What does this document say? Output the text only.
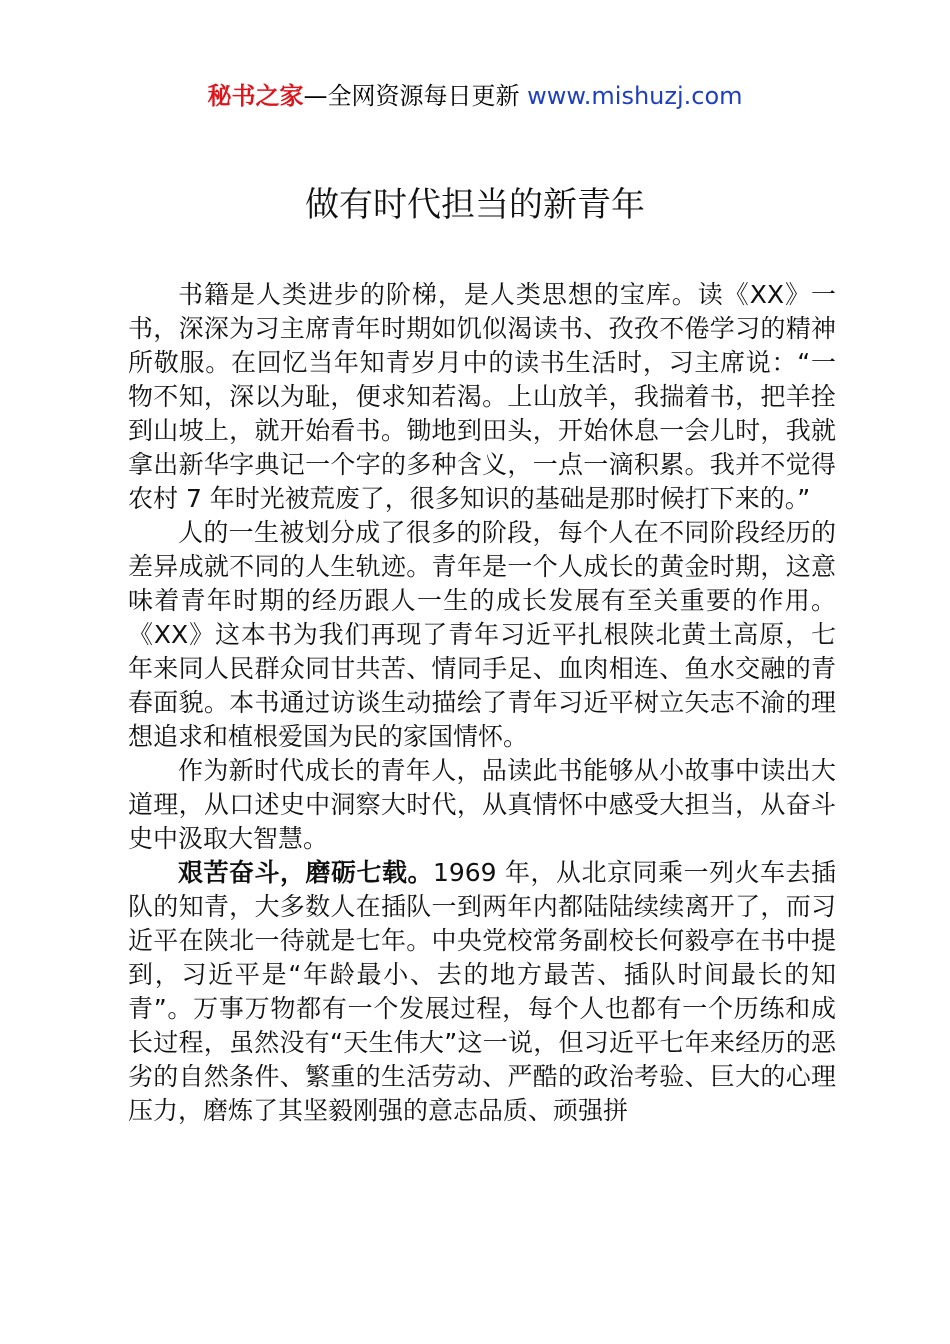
秘书之家—全网资源每日更新 www.mishuzj.com
做有时代担当的新青年

书籍是人类进步的阶梯，是人类思想的宝库。读《XX》一书，深深为习主席青年时期如饥似渴读书、孜孜不倦学习的精神所敬服。在回忆当年知青岁月中的读书生活时，习主席说：“一物不知，深以为耻，便求知若渴。上山放羊，我揣着书，把羊拴到山坡上，就开始看书。锄地到田头，开始休息一会儿时，我就拿出新华字典记一个字的多种含义，一点一滴积累。我并不觉得农村 7 年时光被荒废了，很多知识的基础是那时候打下来的。”

人的一生被划分成了很多的阶段，每个人在不同阶段经历的差异成就不同的人生轨迹。青年是一个人成长的黄金时期，这意味着青年时期的经历跟人一生的成长发展有至关重要的作用。《XX》这本书为我们再现了青年习近平扎根陕北黄土高原，七年来同人民群众同甘共苦、情同手足、血肉相连、鱼水交融的青春面貌。本书通过访谈生动描绘了青年习近平树立矢志不渝的理想追求和植根爱国为民的家国情怀。

作为新时代成长的青年人，品读此书能够从小故事中读出大道理，从口述史中洞察大时代，从真情怀中感受大担当，从奋斗史中汲取大智慧。

艰苦奋斗，磨砺七载。1969 年，从北京同乘一列火车去插队的知青，大多数人在插队一到两年内都陆陆续续离开了，而习近平在陕北一待就是七年。中央党校常务副校长何毅亭在书中提到，习近平是“年龄最小、去的地方最苦、插队时间最长的知青”。万事万物都有一个发展过程，每个人也都有一个历练和成长过程，虽然没有“天生伟大”这一说，但习近平七年来经历的恶劣的自然条件、繁重的生活劳动、严酷的政治考验、巨大的心理压力，磨炼了其坚毅刚强的意志品质、顽强拼
